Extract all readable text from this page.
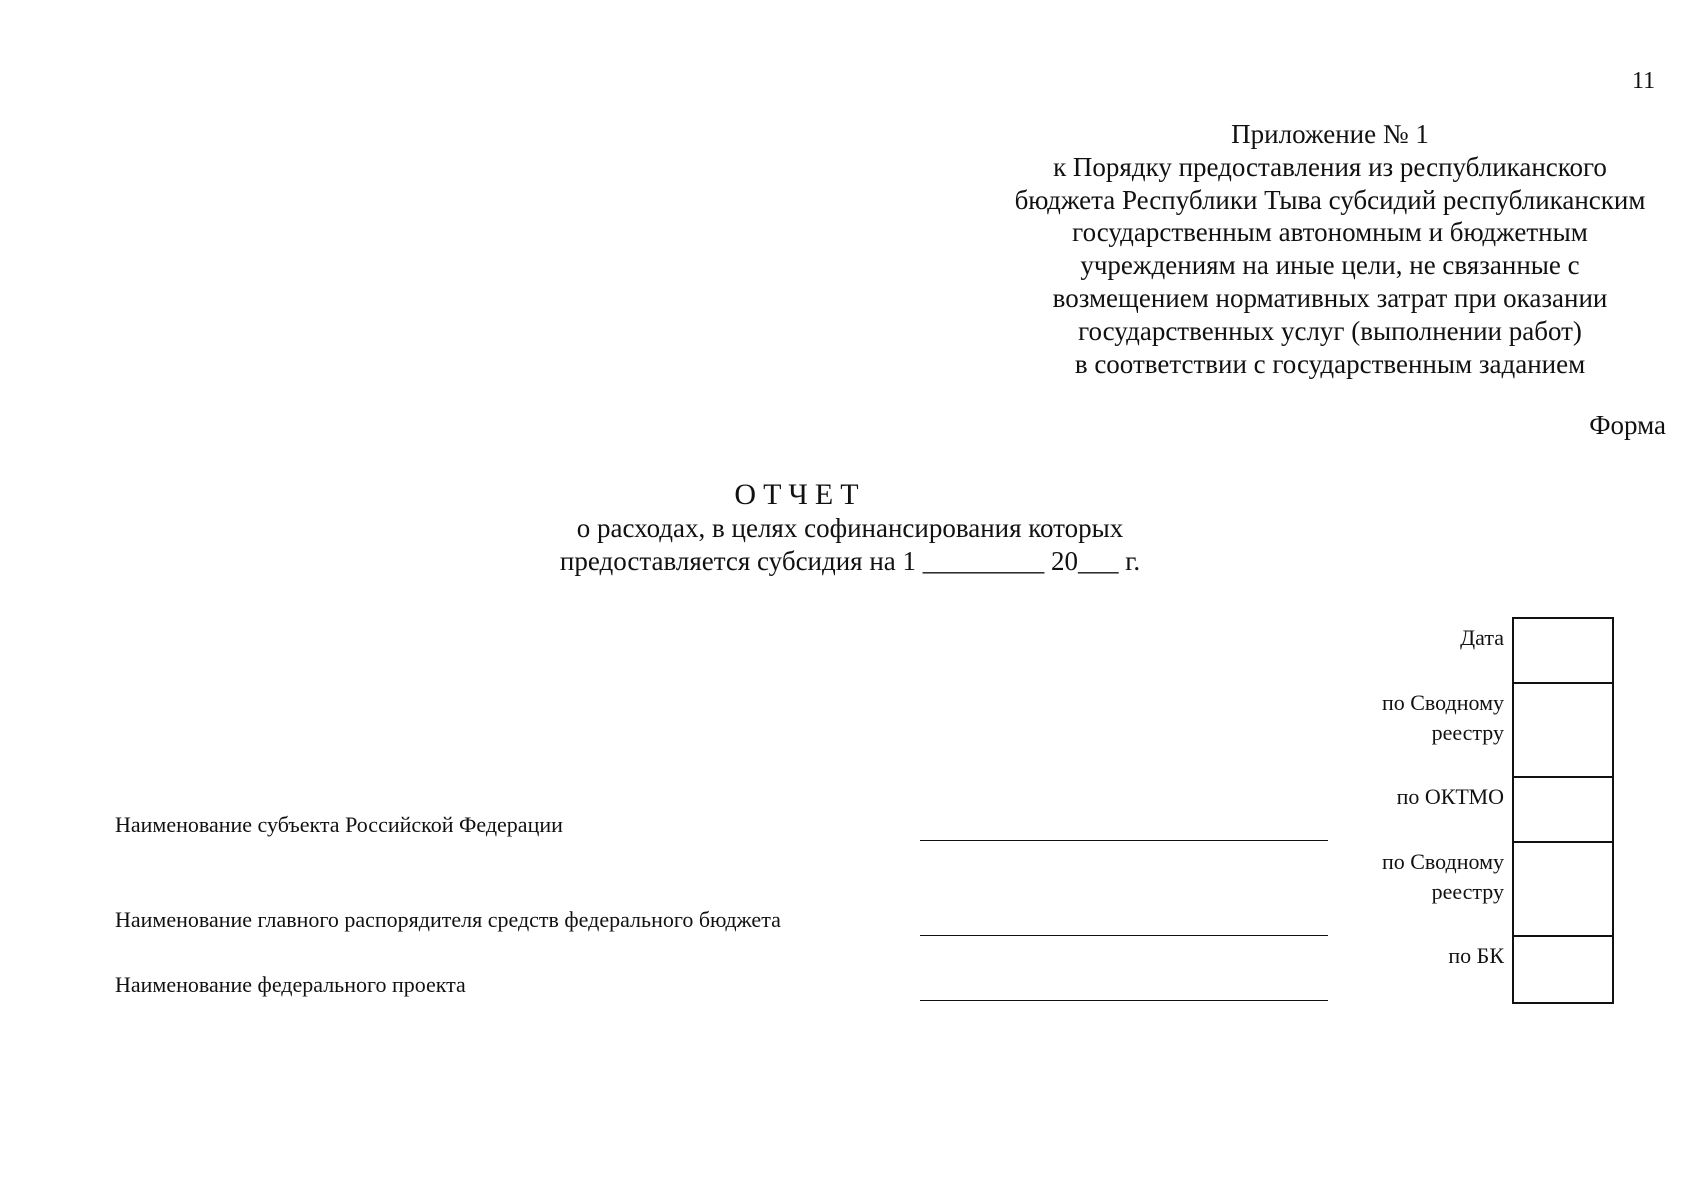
11
Приложение № 1
к Порядку предоставления из республиканского
бюджета Республики Тыва субсидий республиканским
государственным автономным и бюджетным
учреждениям на иные цели, не связанные с
возмещением нормативных затрат при оказании
государственных услуг (выполнении работ)
в соответствии с государственным заданием
Форма
ОТЧЕТ
о расходах, в целях софинансирования которых
предоставляется субсидия на 1 _________ 20___ г.
Дата
по Сводному
реестру
по ОКТМО
по Сводному
реестру
по БК
Наименование субъекта Российской Федерации
Наименование главного распорядителя средств федерального бюджета
Наименование федерального проекта
